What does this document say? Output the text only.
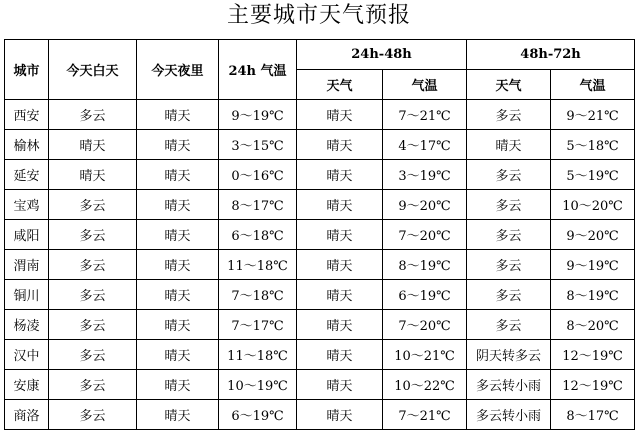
主要城市天气预报
城市	今天白天	今天夜里	24h 气温	24h-48h		48h-72h	
				天气	气温	天气	气温
西安	多云	晴天	9～19℃	晴天	7～21℃	多云	9～21℃
榆林	晴天	晴天	3～15℃	晴天	4～17℃	晴天	5～18℃
延安	晴天	晴天	0～16℃	晴天	3～19℃	多云	5～19℃
宝鸡	多云	晴天	8～17℃	晴天	9～20℃	多云	10～20℃
咸阳	多云	晴天	6～18℃	晴天	7～20℃	多云	9～20℃
渭南	多云	晴天	11～18℃	晴天	8～19℃	多云	9～19℃
铜川	多云	晴天	7～18℃	晴天	6～19℃	多云	8～19℃
杨凌	多云	晴天	7～17℃	晴天	7～20℃	多云	8～20℃
汉中	多云	晴天	11～18℃	晴天	10～21℃	阴天转多云	12～19℃
安康	多云	晴天	10～19℃	晴天	10～22℃	多云转小雨	12～19℃
商洛	多云	晴天	6～19℃	晴天	7～21℃	多云转小雨	8～17℃
